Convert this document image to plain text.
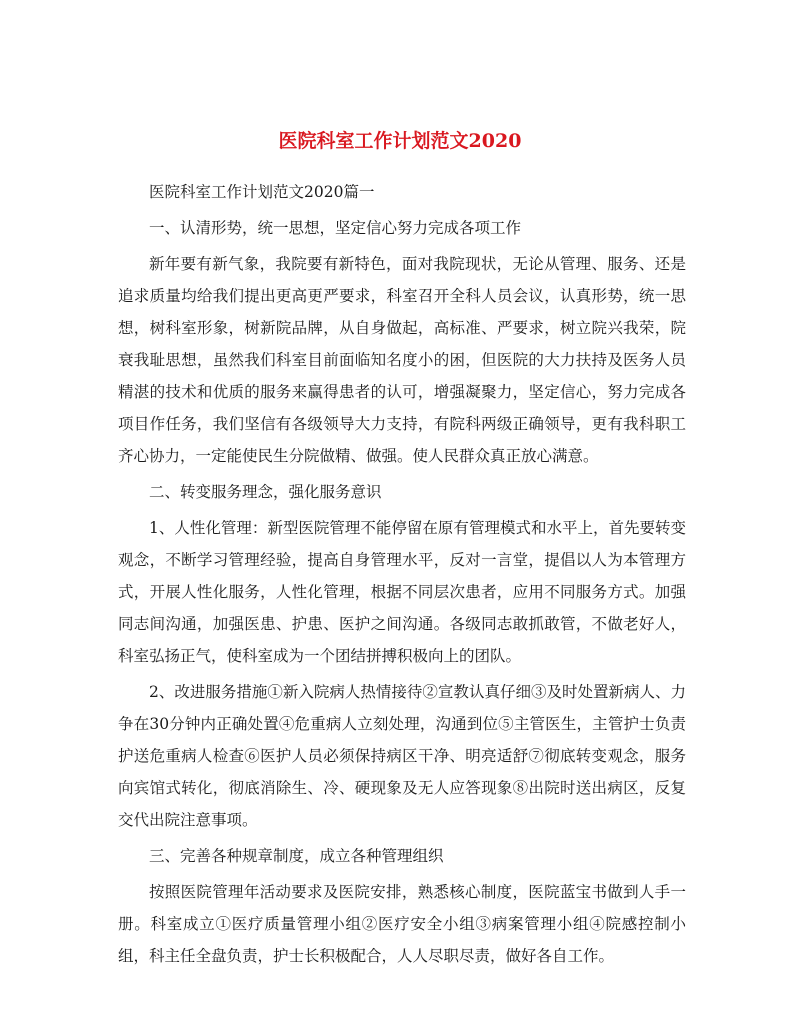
医院科室工作计划范文2020

医院科室工作计划范文2020篇一

一、认清形势，统一思想，坚定信心努力完成各项工作

新年要有新气象，我院要有新特色，面对我院现状，无论从管理、服务、还是追求质量均给我们提出更高更严要求，科室召开全科人员会议，认真形势，统一思想，树科室形象，树新院品牌，从自身做起，高标准、严要求，树立院兴我荣，院衰我耻思想，虽然我们科室目前面临知名度小的困，但医院的大力扶持及医务人员精湛的技术和优质的服务来赢得患者的认可，增强凝聚力，坚定信心，努力完成各项目作任务，我们坚信有各级领导大力支持，有院科两级正确领导，更有我科职工齐心协力，一定能使民生分院做精、做强。使人民群众真正放心满意。

二、转变服务理念，强化服务意识

1、人性化管理：新型医院管理不能停留在原有管理模式和水平上，首先要转变观念，不断学习管理经验，提高自身管理水平，反对一言堂，提倡以人为本管理方式，开展人性化服务，人性化管理，根据不同层次患者，应用不同服务方式。加强同志间沟通，加强医患、护患、医护之间沟通。各级同志敢抓敢管，不做老好人，科室弘扬正气，使科室成为一个团结拼搏积极向上的团队。

2、改进服务措施①新入院病人热情接待②宣教认真仔细③及时处置新病人、力争在30分钟内正确处置④危重病人立刻处理，沟通到位⑤主管医生，主管护士负责护送危重病人检查⑥医护人员必须保持病区干净、明亮适舒⑦彻底转变观念，服务向宾馆式转化，彻底消除生、冷、硬现象及无人应答现象⑧出院时送出病区，反复交代出院注意事项。

三、完善各种规章制度，成立各种管理组织

按照医院管理年活动要求及医院安排，熟悉核心制度，医院蓝宝书做到人手一册。科室成立①医疗质量管理小组②医疗安全小组③病案管理小组④院感控制小组，科主任全盘负责，护士长积极配合，人人尽职尽责，做好各自工作。
